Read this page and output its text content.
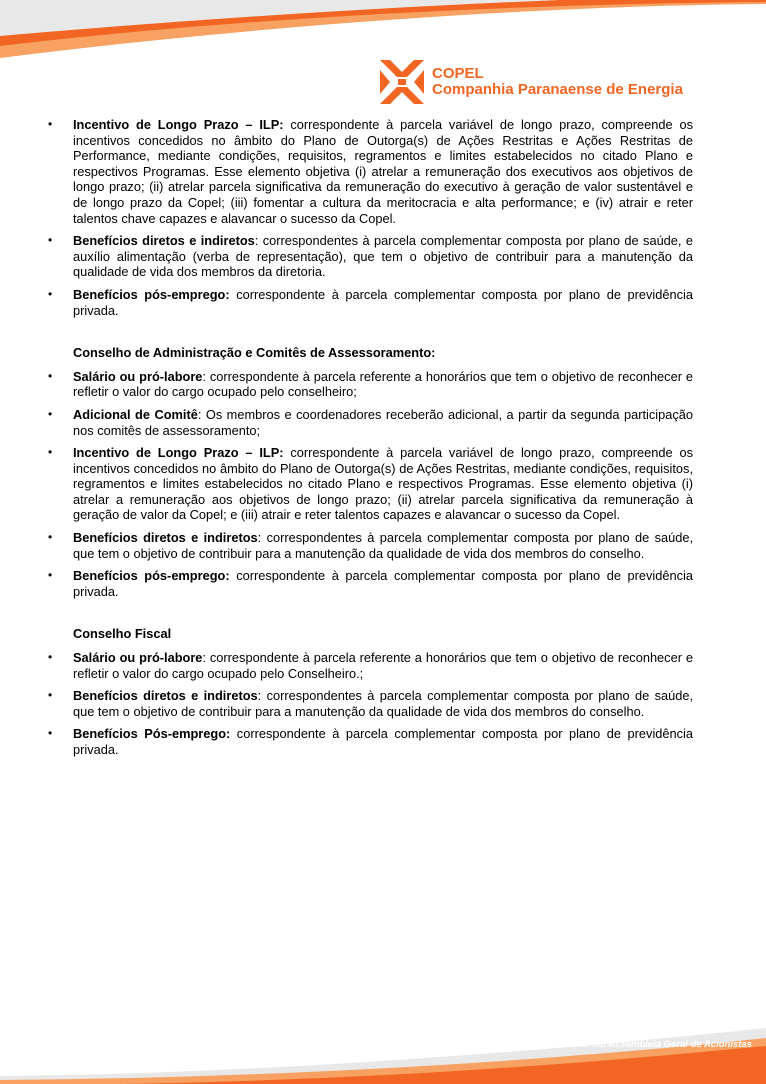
COPEL
Companhia Paranaense de Energia
• Incentivo de Longo Prazo – ILP: correspondente à parcela variável de longo prazo, compreende os incentivos concedidos no âmbito do Plano de Outorga(s) de Ações Restritas e Ações Restritas de Performance, mediante condições, requisitos, regramentos e limites estabelecidos no citado Plano e respectivos Programas. Esse elemento objetiva (i) atrelar a remuneração dos executivos aos objetivos de longo prazo; (ii) atrelar parcela significativa da remuneração do executivo à geração de valor sustentável e de longo prazo da Copel; (iii) fomentar a cultura da meritocracia e alta performance; e (iv) atrair e reter talentos chave capazes e alavancar o sucesso da Copel.
• Benefícios diretos e indiretos: correspondentes à parcela complementar composta por plano de saúde, e auxílio alimentação (verba de representação), que tem o objetivo de contribuir para a manutenção da qualidade de vida dos membros da diretoria.
• Benefícios pós-emprego: correspondente à parcela complementar composta por plano de previdência privada.
Conselho de Administração e Comitês de Assessoramento:
• Salário ou pró-labore: correspondente à parcela referente a honorários que tem o objetivo de reconhecer e refletir o valor do cargo ocupado pelo conselheiro;
• Adicional de Comitê: Os membros e coordenadores receberão adicional, a partir da segunda participação nos comitês de assessoramento;
• Incentivo de Longo Prazo – ILP: correspondente à parcela variável de longo prazo, compreende os incentivos concedidos no âmbito do Plano de Outorga(s) de Ações Restritas, mediante condições, requisitos, regramentos e limites estabelecidos no citado Plano e respectivos Programas. Esse elemento objetiva (i) atrelar a remuneração aos objetivos de longo prazo; (ii) atrelar parcela significativa da remuneração à geração de valor da Copel; e (iii) atrair e reter talentos capazes e alavancar o sucesso da Copel.
• Benefícios diretos e indiretos: correspondentes à parcela complementar composta por plano de saúde, que tem o objetivo de contribuir para a manutenção da qualidade de vida dos membros do conselho.
• Benefícios pós-emprego: correspondente à parcela complementar composta por plano de previdência privada.
Conselho Fiscal
• Salário ou pró-labore: correspondente à parcela referente a honorários que tem o objetivo de reconhecer e refletir o valor do cargo ocupado pelo Conselheiro.;
• Benefícios diretos e indiretos: correspondentes à parcela complementar composta por plano de saúde, que tem o objetivo de contribuir para a manutenção da qualidade de vida dos membros do conselho.
• Benefícios Pós-emprego: correspondente à parcela complementar composta por plano de previdência privada.
Manual para participação em Assembleia Geral de Acionistas
